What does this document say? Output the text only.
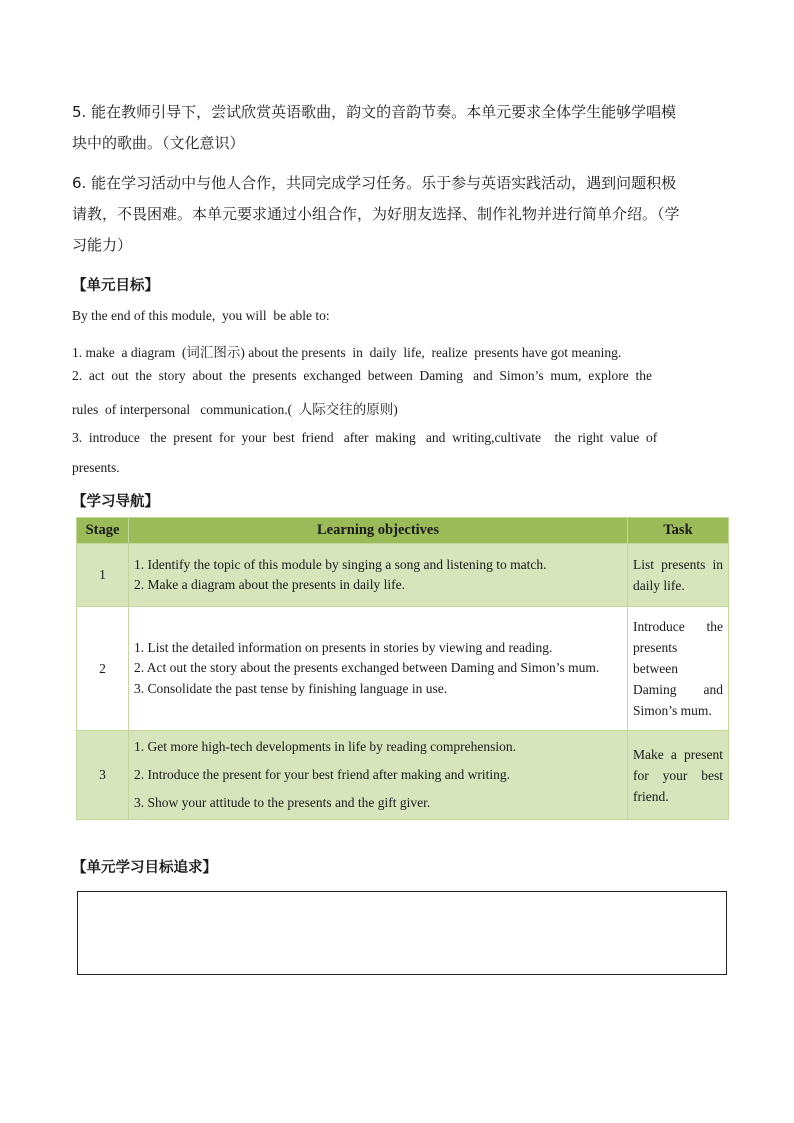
5. 能在教师引导下，尝试欣赏英语歌曲，韵文的音韵节奏。本单元要求全体学生能够学唱模
块中的歌曲。（文化意识）
6. 能在学习活动中与他人合作，共同完成学习任务。乐于参与英语实践活动，遇到问题积极
请教，不畏困难。本单元要求通过小组合作，为好朋友选择、制作礼物并进行简单介绍。（学
习能力）
【单元目标】
By the end of this module,  you will  be able to:
1. make  a diagram  (词汇图示) about the presents  in  daily  life,  realize  presents have got meaning.
2.  act  out  the  story  about  the  presents  exchanged  between  Daming   and  Simon’s  mum,  explore  the
rules  of interpersonal   communication.(  人际交往的原则)
3.  introduce   the  present  for  your  best  friend   after  making   and  writing,cultivate    the  right  value  of
presents.
【学习导航】
Stage	Learning objectives	Task
1	1. Identify the topic of this module by singing a song and listening to match.
2. Make a diagram about the presents in daily life.	List presents in daily life.
2	1. List the detailed information on presents in stories by viewing and reading.
2. Act out the story about the presents exchanged between Daming and Simon’s mum.
3. Consolidate the past tense by finishing language in use.	Introduce the presents between Daming and Simon’s mum.
3	1. Get more high-tech developments in life by reading comprehension.
2. Introduce the present for your best friend after making and writing.
3. Show your attitude to the presents and the gift giver.	Make a present for your best friend.
【单元学习目标追求】
